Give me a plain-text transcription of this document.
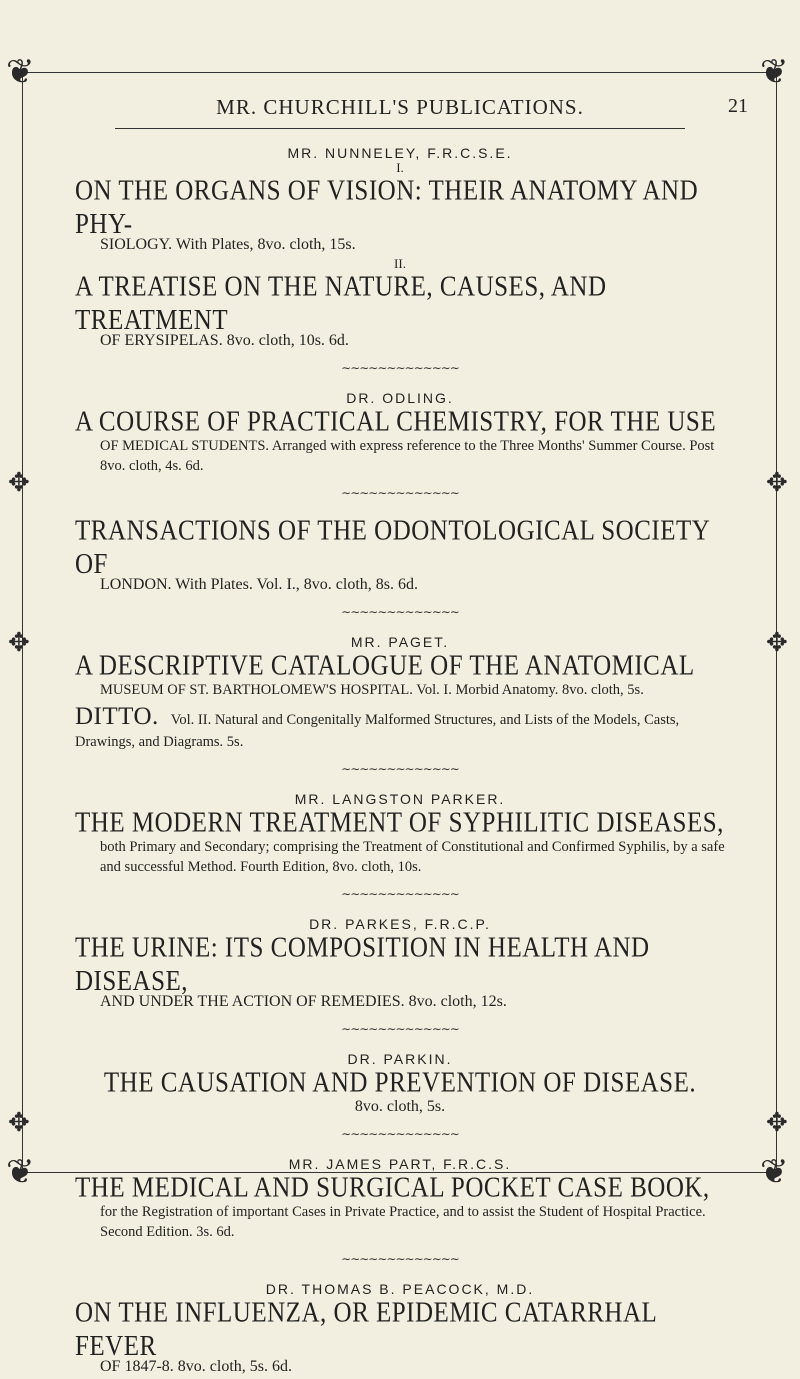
❦	❦
❦	❦
✥	✥
✥	✥
✥	✥
MR. CHURCHILL'S PUBLICATIONS.	21

MR. NUNNELEY, F.R.C.S.E.

I.

ON THE ORGANS OF VISION: THEIR ANATOMY AND PHY-

SIOLOGY. With Plates, 8vo. cloth, 15s.

II.

A TREATISE ON THE NATURE, CAUSES, AND TREATMENT

OF ERYSIPELAS. 8vo. cloth, 10s. 6d.

∼∼∼∼∼∼∼∼∼∼∼∼∼

DR. ODLING.

A COURSE OF PRACTICAL CHEMISTRY, FOR THE USE

OF MEDICAL STUDENTS. Arranged with express reference to the Three Months' Summer Course. Post 8vo. cloth, 4s. 6d.

∼∼∼∼∼∼∼∼∼∼∼∼∼

TRANSACTIONS OF THE ODONTOLOGICAL SOCIETY OF

LONDON. With Plates. Vol. I., 8vo. cloth, 8s. 6d.

∼∼∼∼∼∼∼∼∼∼∼∼∼

MR. PAGET.

A DESCRIPTIVE CATALOGUE OF THE ANATOMICAL

MUSEUM OF ST. BARTHOLOMEW'S HOSPITAL. Vol. I. Morbid Anatomy. 8vo. cloth, 5s.

DITTO.

Vol. II. Natural and Congenitally Malformed Structures, and Lists of the Models, Casts, Drawings, and Diagrams. 5s.

∼∼∼∼∼∼∼∼∼∼∼∼∼

MR. LANGSTON PARKER.

THE MODERN TREATMENT OF SYPHILITIC DISEASES,

both Primary and Secondary; comprising the Treatment of Constitutional and Confirmed Syphilis, by a safe and successful Method. Fourth Edition, 8vo. cloth, 10s.

∼∼∼∼∼∼∼∼∼∼∼∼∼

DR. PARKES, F.R.C.P.

THE URINE: ITS COMPOSITION IN HEALTH AND DISEASE,

AND UNDER THE ACTION OF REMEDIES. 8vo. cloth, 12s.

∼∼∼∼∼∼∼∼∼∼∼∼∼

DR. PARKIN.

THE CAUSATION AND PREVENTION OF DISEASE.

8vo. cloth, 5s.

∼∼∼∼∼∼∼∼∼∼∼∼∼

MR. JAMES PART, F.R.C.S.

THE MEDICAL AND SURGICAL POCKET CASE BOOK,

for the Registration of important Cases in Private Practice, and to assist the Student of Hospital Practice. Second Edition. 3s. 6d.

∼∼∼∼∼∼∼∼∼∼∼∼∼

DR. THOMAS B. PEACOCK, M.D.

ON THE INFLUENZA, OR EPIDEMIC CATARRHAL FEVER

OF 1847-8. 8vo. cloth, 5s. 6d.
